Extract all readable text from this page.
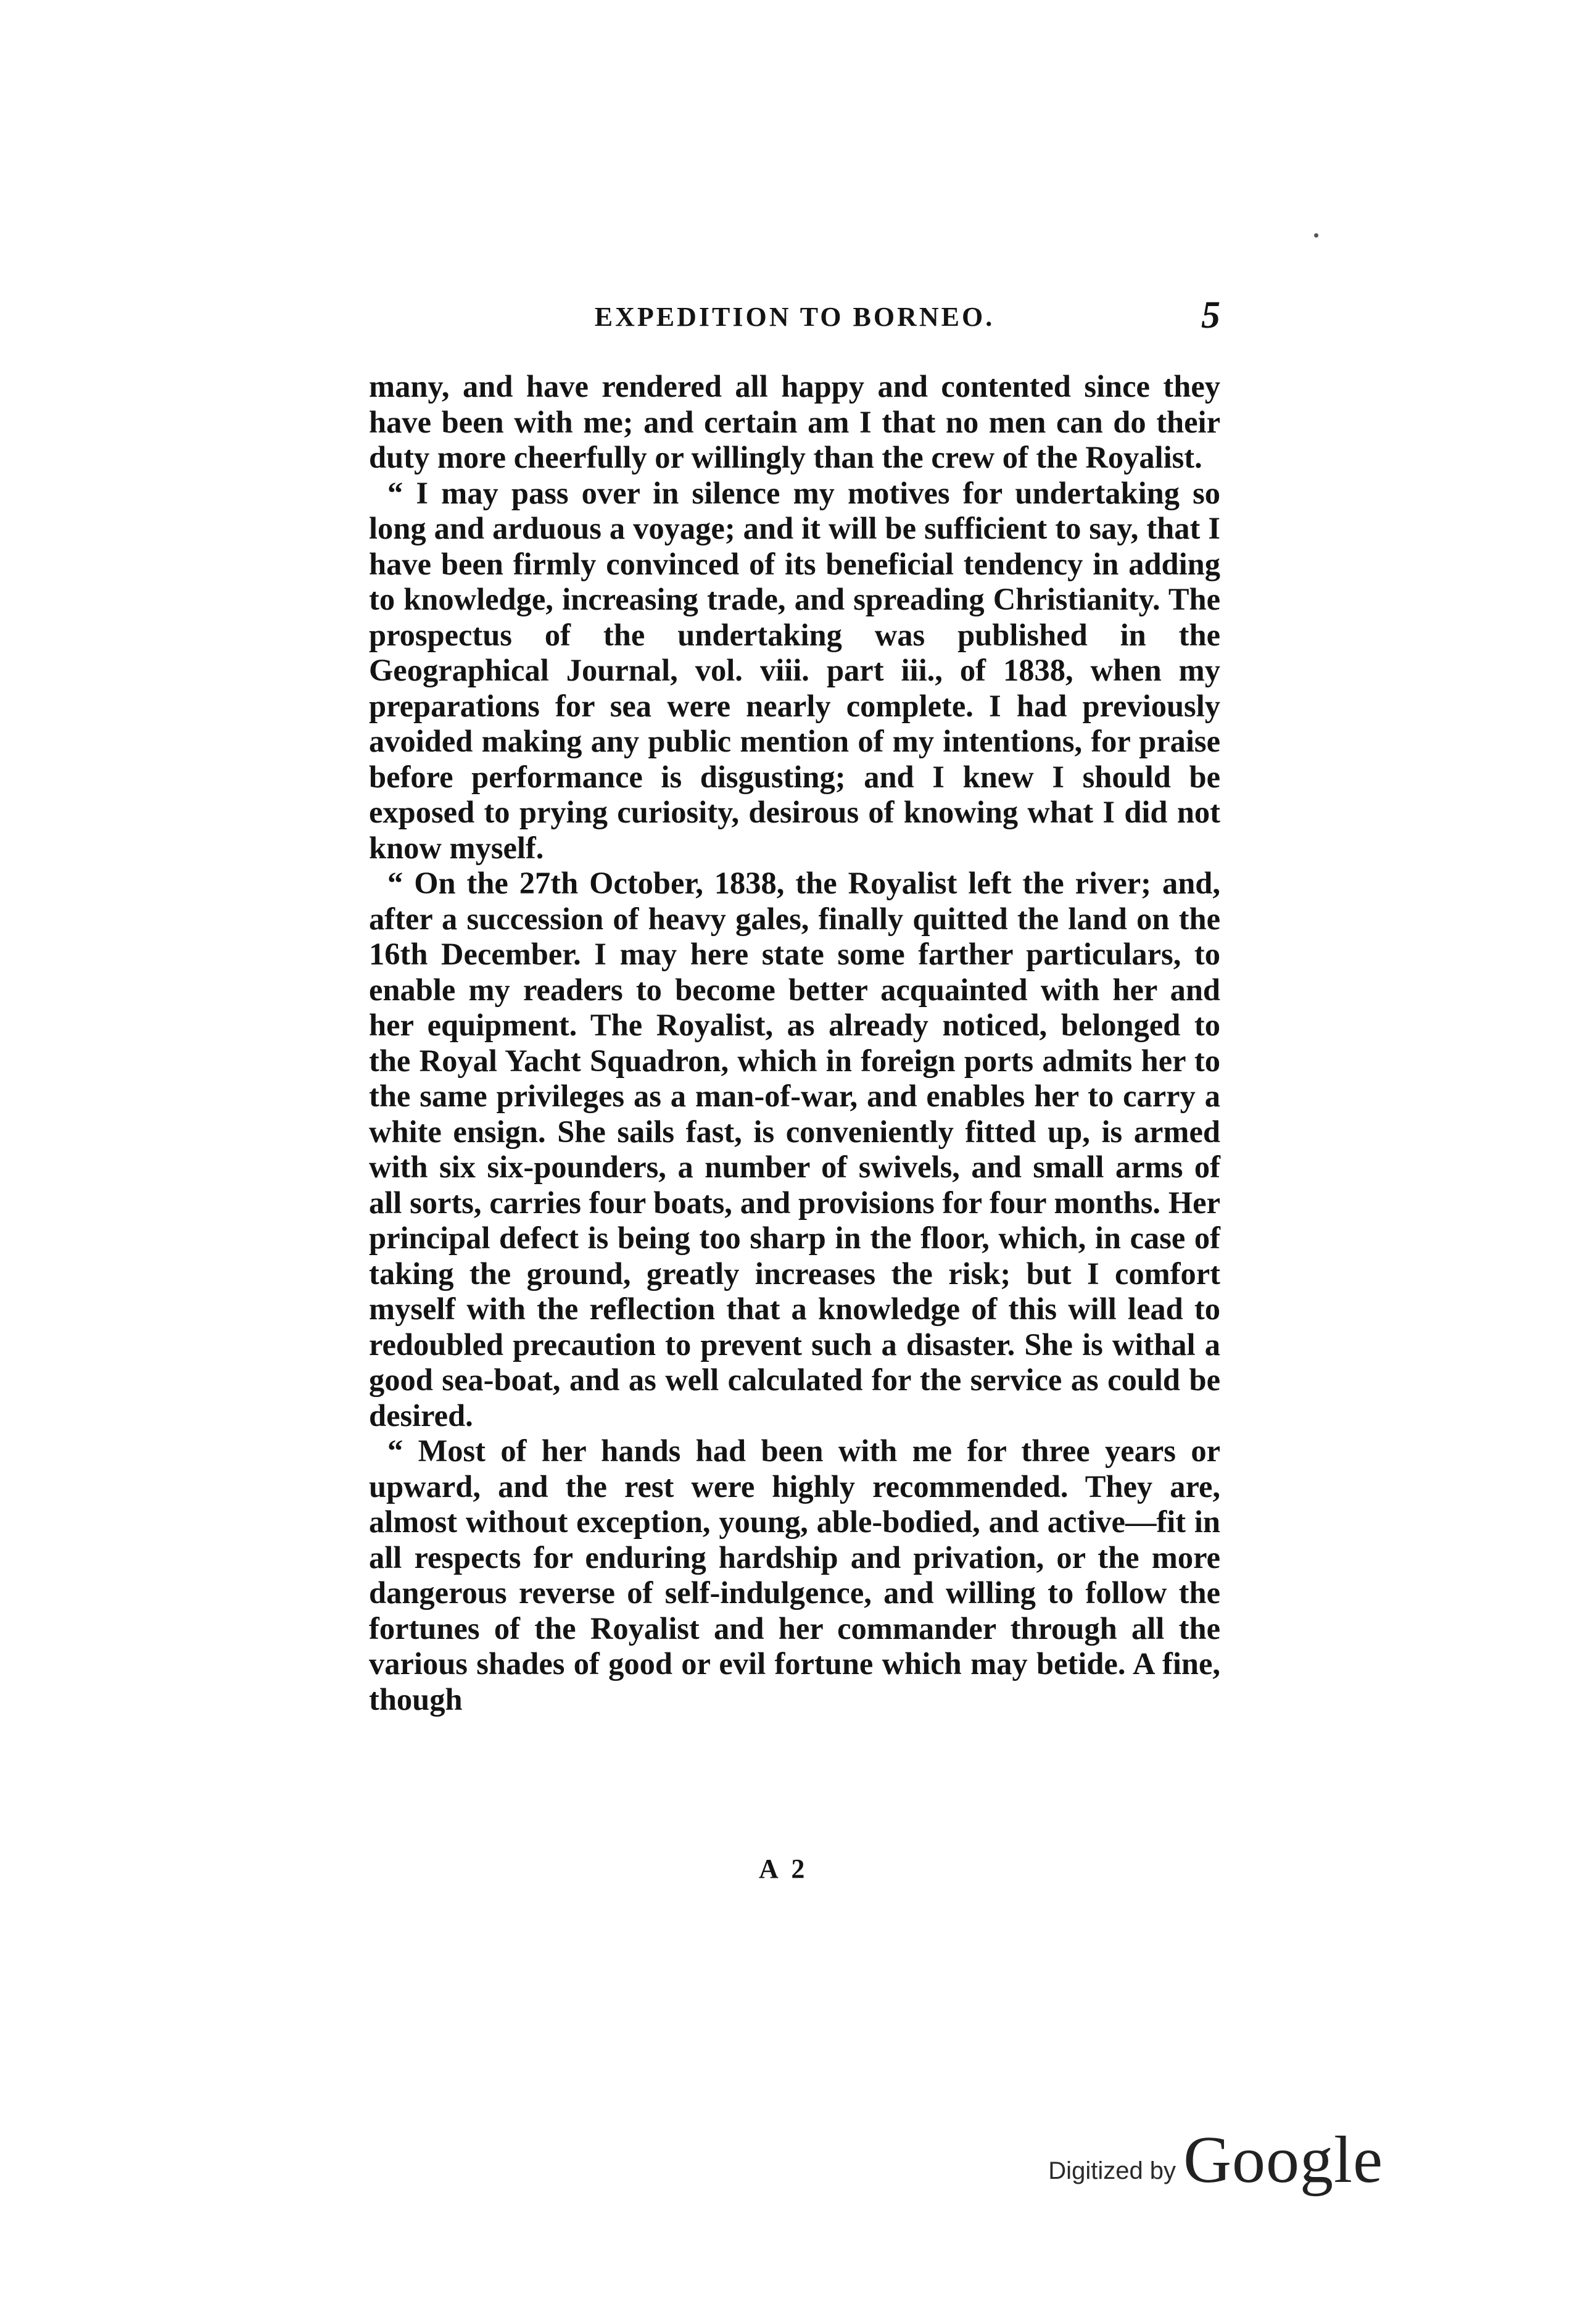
EXPEDITION TO BORNEO.	5

many, and have rendered all happy and contented since they have been with me; and certain am I that no men can do their duty more cheerfully or willingly than the crew of the Royalist.

“ I may pass over in silence my motives for undertaking so long and arduous a voyage; and it will be sufficient to say, that I have been firmly convinced of its beneficial tendency in adding to knowledge, increasing trade, and spreading Christianity. The prospectus of the undertaking was published in the Geographical Journal, vol. viii. part iii., of 1838, when my preparations for sea were nearly complete. I had previously avoided making any public mention of my intentions, for praise before performance is disgusting; and I knew I should be exposed to prying curiosity, desirous of knowing what I did not know myself.

“ On the 27th October, 1838, the Royalist left the river; and, after a succession of heavy gales, finally quitted the land on the 16th December. I may here state some farther particulars, to enable my readers to become better acquainted with her and her equipment. The Royalist, as already noticed, belonged to the Royal Yacht Squadron, which in foreign ports admits her to the same privileges as a man-of-war, and enables her to carry a white ensign. She sails fast, is conveniently fitted up, is armed with six six-pounders, a number of swivels, and small arms of all sorts, carries four boats, and provisions for four months. Her principal defect is being too sharp in the floor, which, in case of taking the ground, greatly increases the risk; but I comfort myself with the reflection that a knowledge of this will lead to redoubled precaution to prevent such a disaster. She is withal a good sea-boat, and as well calculated for the service as could be desired.

“ Most of her hands had been with me for three years or upward, and the rest were highly recommended. They are, almost without exception, young, able-bodied, and active—fit in all respects for enduring hardship and privation, or the more dangerous reverse of self-indulgence, and willing to follow the fortunes of the Royalist and her commander through all the various shades of good or evil fortune which may betide. A fine, though

A 2
Digitized by Google
